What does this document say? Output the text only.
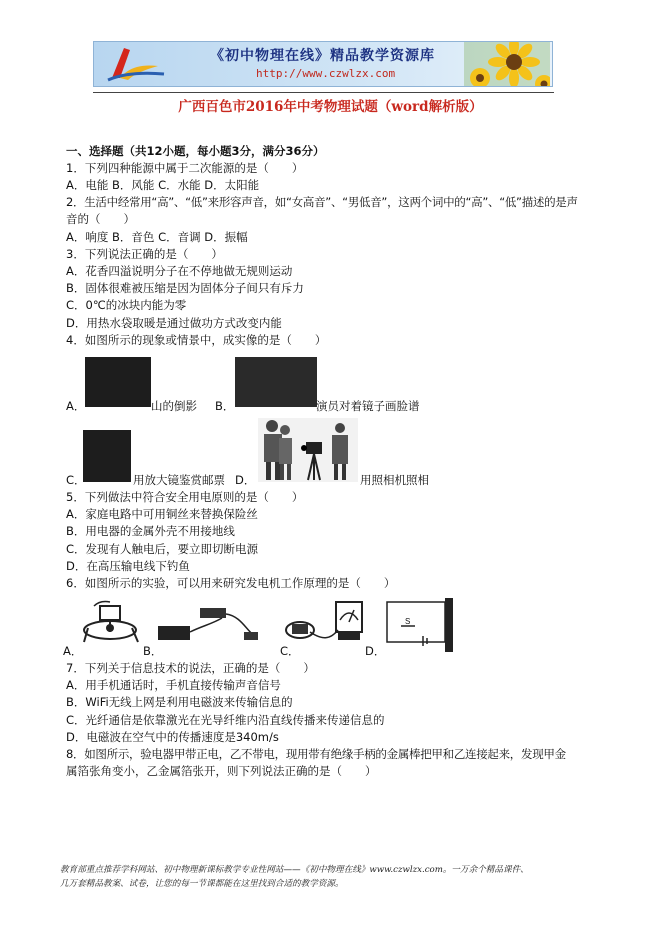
《初中物理在线》精品教学资源库
http://www.czwlzx.com
广西百色市2016年中考物理试题（word解析版）
一、选择题（共12小题，每小题3分，满分36分）
1．下列四种能源中属于二次能源的是（　　）
A．电能 B．风能 C．水能 D．太阳能
2．生活中经常用“高”、“低”来形容声音，如“女高音”、“男低音”，这两个词中的“高”、“低”描述的是声
音的（　　）
A．响度 B．音色 C．音调 D．振幅
3．下列说法正确的是（　　）
A．花香四溢说明分子在不停地做无规则运动
B．固体很难被压缩是因为固体分子间只有斥力
C．0℃的冰块内能为零
D．用热水袋取暖是通过做功方式改变内能
4．如图所示的现象或情景中，成实像的是（　　）
A．	山的倒影 B．	演员对着镜子画脸谱
C．	用放大镜鉴赏邮票 D．	用照相机照相
5．下列做法中符合安全用电原则的是（　　）
A．家庭电路中可用铜丝来替换保险丝
B．用电器的金属外壳不用接地线
C．发现有人触电后，要立即切断电源
D．在高压输电线下钓鱼
6．如图所示的实验，可以用来研究发电机工作原理的是（　　）
A．	B．	C．
S
D．
7．下列关于信息技术的说法，正确的是（　　）
A．用手机通话时，手机直接传输声音信号
B．WiFi无线上网是利用电磁波来传输信息的
C．光纤通信是依靠激光在光导纤维内沿直线传播来传递信息的
D．电磁波在空气中的传播速度是340m/s
8．如图所示，验电器甲带正电，乙不带电，现用带有绝缘手柄的金属棒把甲和乙连接起来，发现甲金
属箔张角变小，乙金属箔张开，则下列说法正确的是（　　）
教育部重点推荐学科网站、初中物理新课标教学专业性网站——《初中物理在线》www.czwlzx.com。一万余个精品课件、
几万套精品教案、试卷，让您的每一节课都能在这里找到合适的教学资源。
